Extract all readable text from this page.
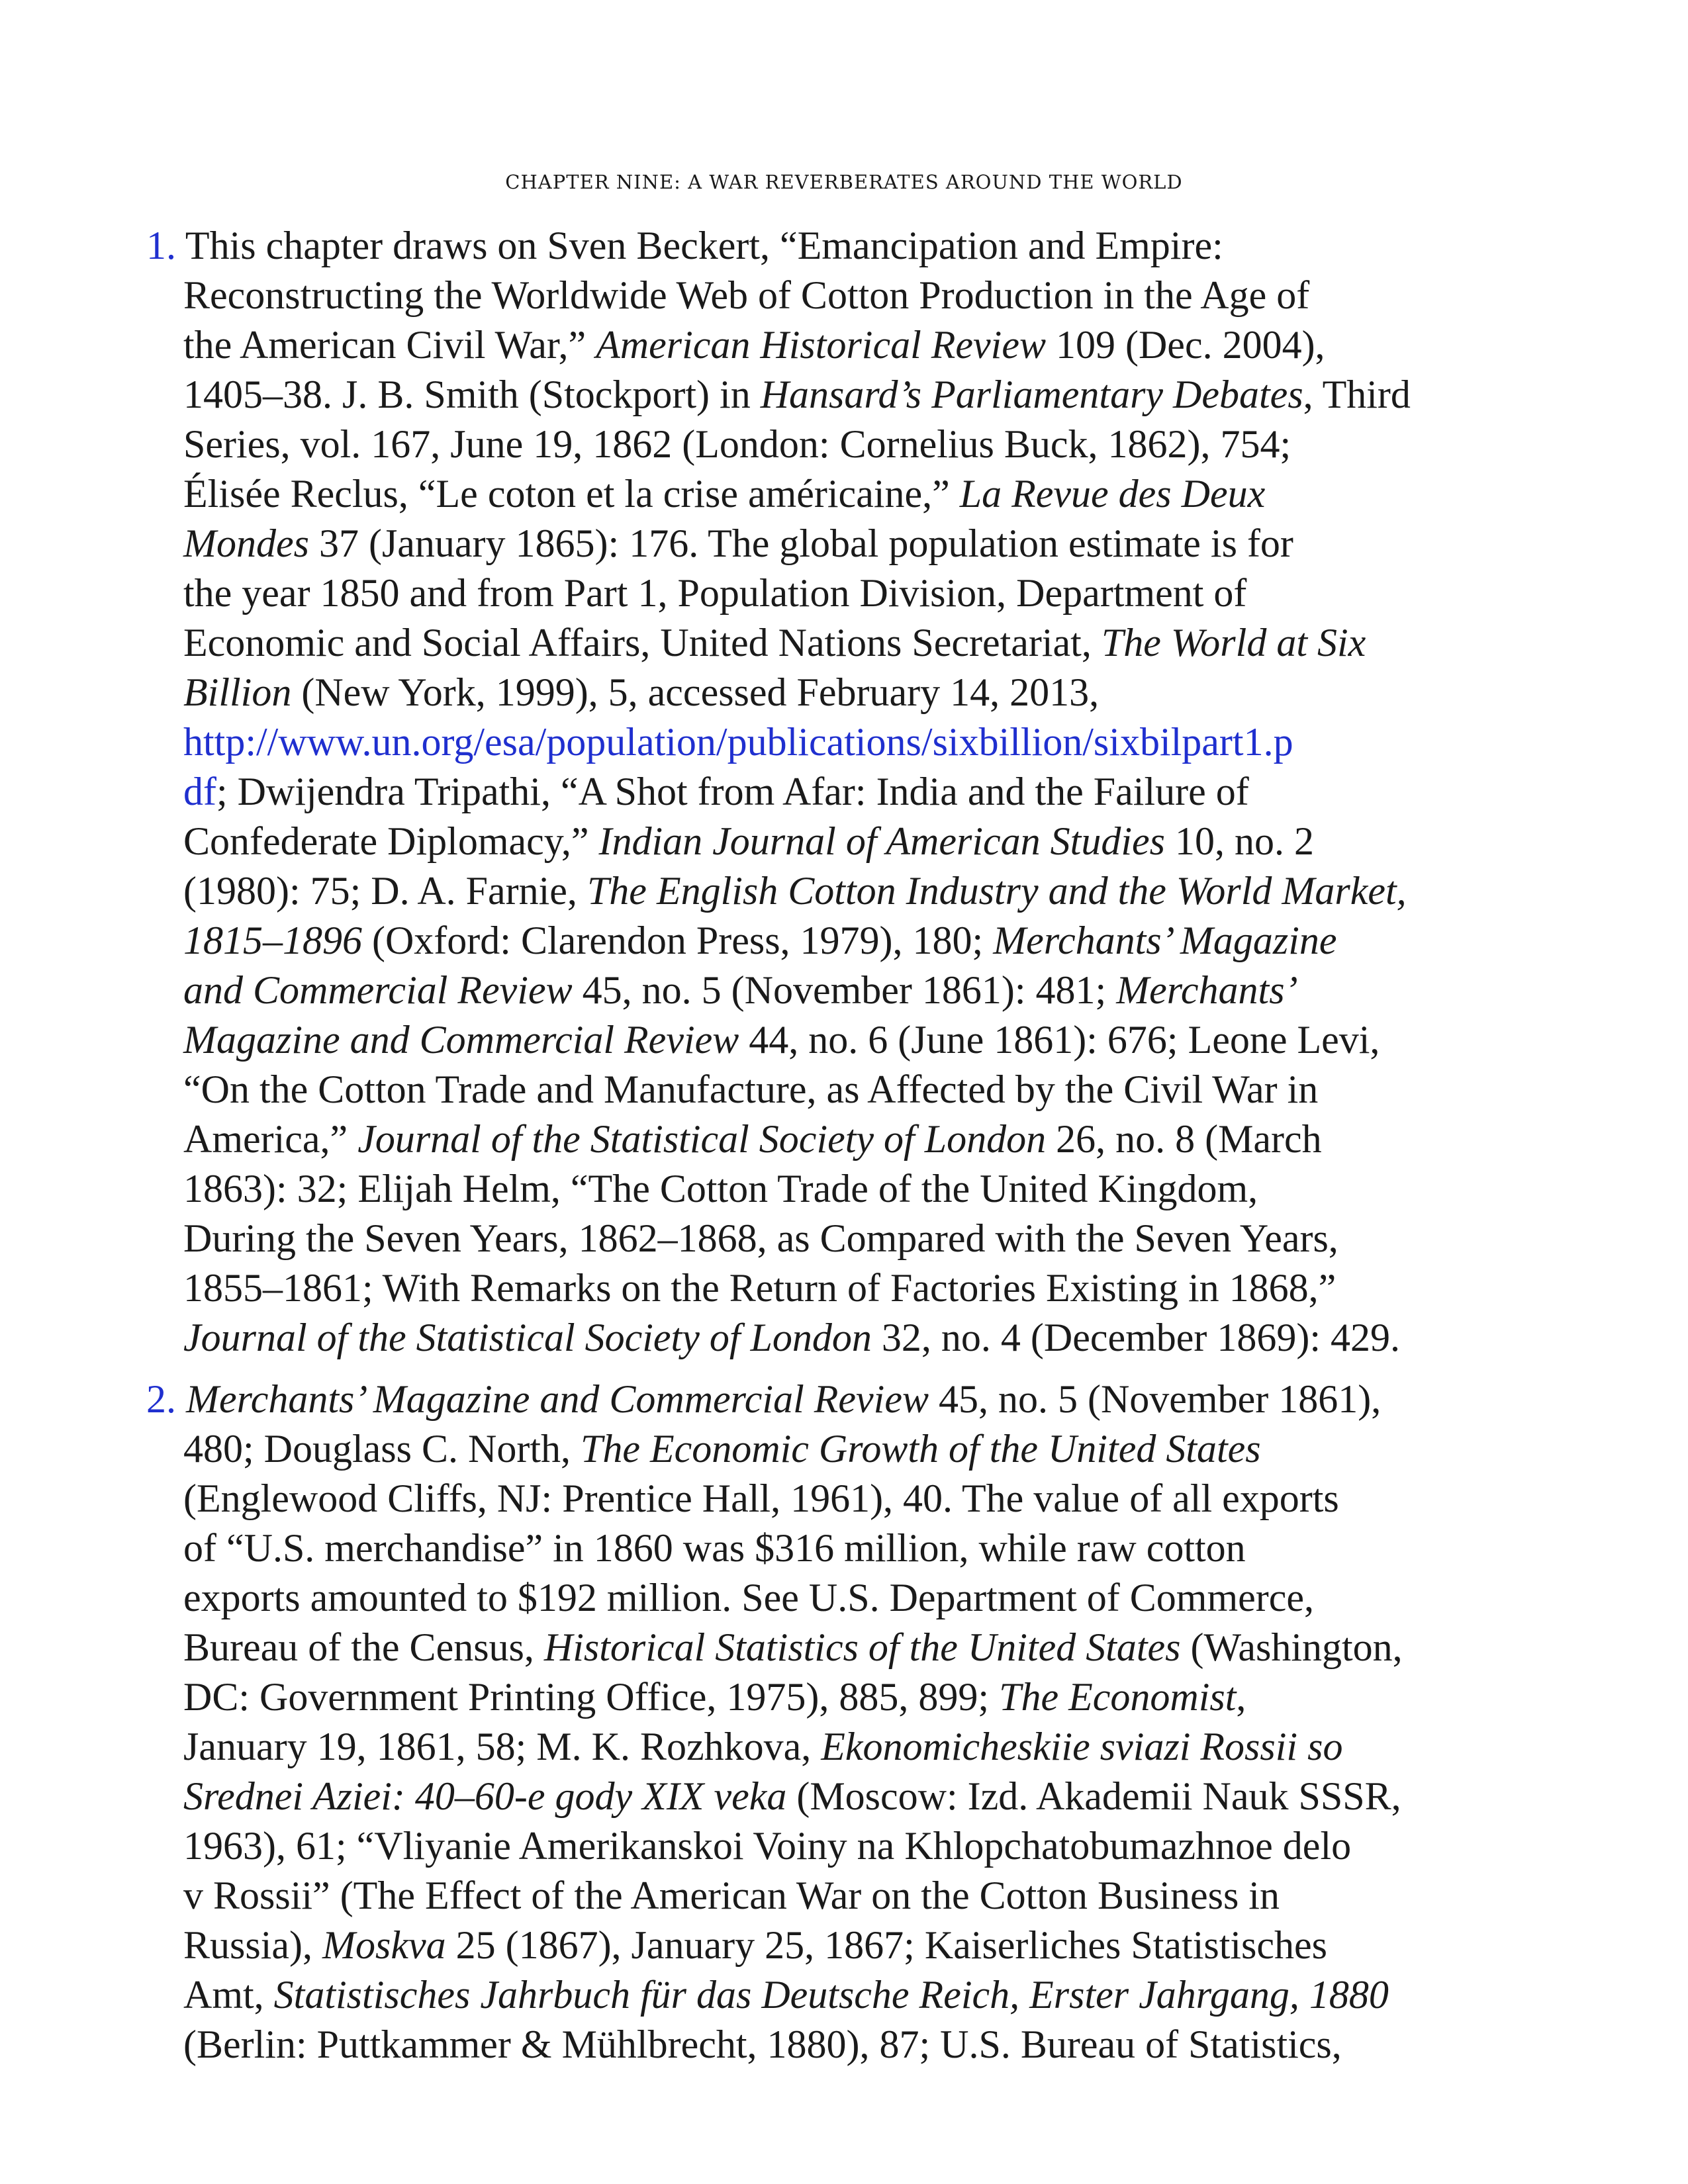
CHAPTER NINE: A WAR REVERBERATES AROUND THE WORLD
1. This chapter draws on Sven Beckert, “Emancipation and Empire:
Reconstructing the Worldwide Web of Cotton Production in the Age of
the American Civil War,” American Historical Review 109 (Dec. 2004),
1405–38. J. B. Smith (Stockport) in Hansard’s Parliamentary Debates, Third
Series, vol. 167, June 19, 1862 (London: Cornelius Buck, 1862), 754;
Élisée Reclus, “Le coton et la crise américaine,” La Revue des Deux
Mondes 37 (January 1865): 176. The global population estimate is for
the year 1850 and from Part 1, Population Division, Department of
Economic and Social Affairs, United Nations Secretariat, The World at Six
Billion (New York, 1999), 5, accessed February 14, 2013,
http://www.un.org/esa/population/publications/sixbillion/sixbilpart1.p
df; Dwijendra Tripathi, “A Shot from Afar: India and the Failure of
Confederate Diplomacy,” Indian Journal of American Studies 10, no. 2
(1980): 75; D. A. Farnie, The English Cotton Industry and the World Market,
1815–1896 (Oxford: Clarendon Press, 1979), 180; Merchants’ Magazine
and Commercial Review 45, no. 5 (November 1861): 481; Merchants’
Magazine and Commercial Review 44, no. 6 (June 1861): 676; Leone Levi,
“On the Cotton Trade and Manufacture, as Affected by the Civil War in
America,” Journal of the Statistical Society of London 26, no. 8 (March
1863): 32; Elijah Helm, “The Cotton Trade of the United Kingdom,
During the Seven Years, 1862–1868, as Compared with the Seven Years,
1855–1861; With Remarks on the Return of Factories Existing in 1868,”
Journal of the Statistical Society of London 32, no. 4 (December 1869): 429.
2. Merchants’ Magazine and Commercial Review 45, no. 5 (November 1861),
480; Douglass C. North, The Economic Growth of the United States
(Englewood Cliffs, NJ: Prentice Hall, 1961), 40. The value of all exports
of “U.S. merchandise” in 1860 was $316 million, while raw cotton
exports amounted to $192 million. See U.S. Department of Commerce,
Bureau of the Census, Historical Statistics of the United States (Washington,
DC: Government Printing Office, 1975), 885, 899; The Economist,
January 19, 1861, 58; M. K. Rozhkova, Ekonomicheskiie sviazi Rossii so
Srednei Aziei: 40–60-e gody XIX veka (Moscow: Izd. Akademii Nauk SSSR,
1963), 61; “Vliyanie Amerikanskoi Voiny na Khlopchatobumazhnoe delo
v Rossii” (The Effect of the American War on the Cotton Business in
Russia), Moskva 25 (1867), January 25, 1867; Kaiserliches Statistisches
Amt, Statistisches Jahrbuch für das Deutsche Reich, Erster Jahrgang, 1880
(Berlin: Puttkammer & Mühlbrecht, 1880), 87; U.S. Bureau of Statistics,
